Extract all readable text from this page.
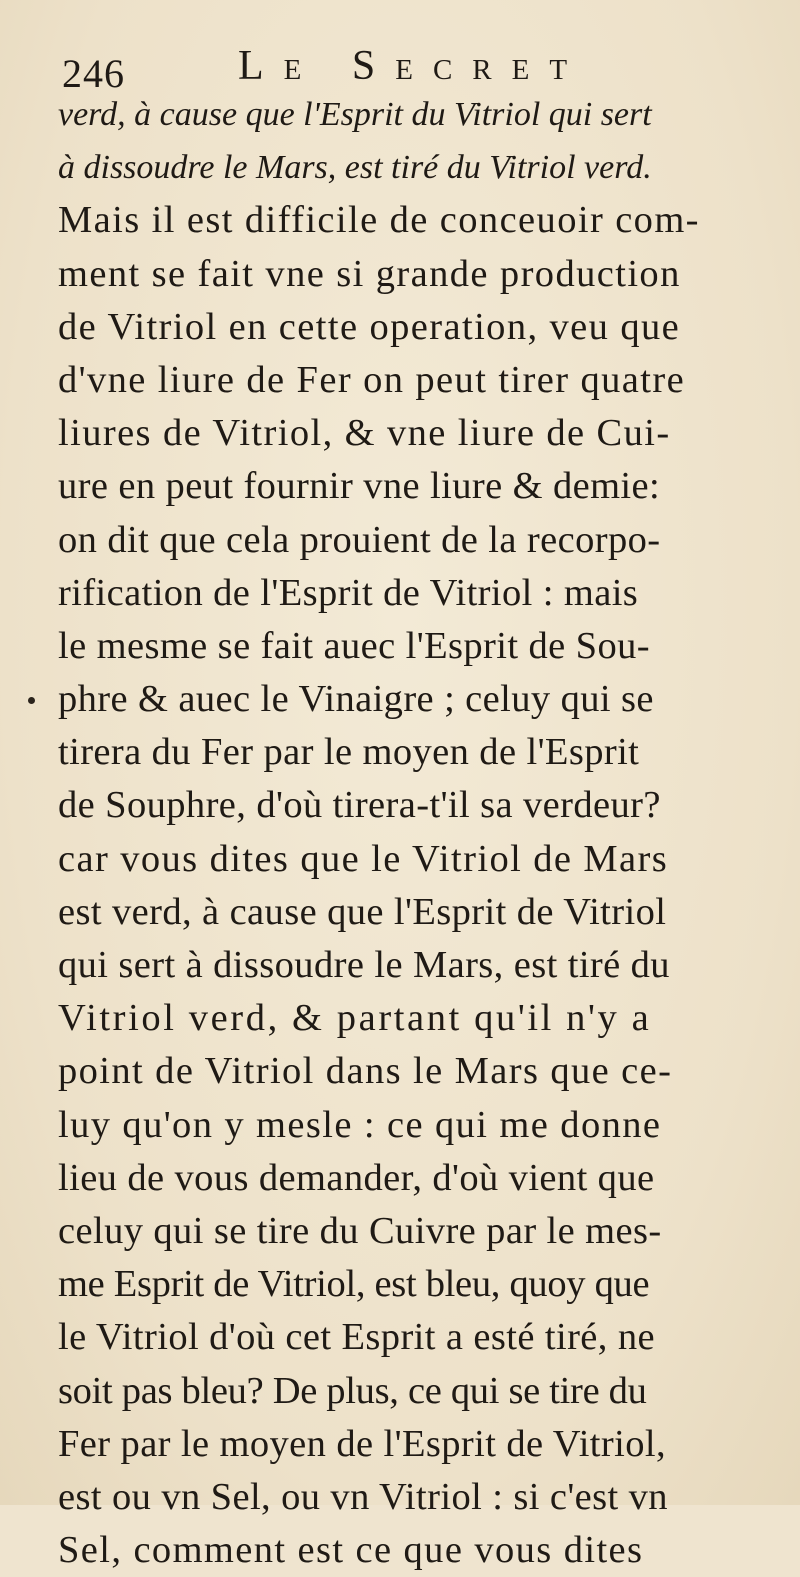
246	Le Secret
verd, à cause que l'Esprit du Vitriol qui sert
à dissoudre le Mars, est tiré du Vitriol verd.
Mais il est difficile de conceuoir com-
ment se fait vne si grande production
de Vitriol en cette operation, veu que
d'vne liure de Fer on peut tirer quatre
liures de Vitriol, & vne liure de Cui-
ure en peut fournir vne liure & demie:
on dit que cela prouient de la recorpo-
rification de l'Esprit de Vitriol : mais
le mesme se fait auec l'Esprit de Sou-
phre & auec le Vinaigre ; celuy qui se
tirera du Fer par le moyen de l'Esprit
de Souphre, d'où tirera-t'il sa verdeur?
car vous dites que le Vitriol de Mars
est verd, à cause que l'Esprit de Vitriol
qui sert à dissoudre le Mars, est tiré du
Vitriol verd, & partant qu'il n'y a
point de Vitriol dans le Mars que ce-
luy qu'on y mesle : ce qui me donne
lieu de vous demander, d'où vient que
celuy qui se tire du Cuivre par le mes-
me Esprit de Vitriol, est bleu, quoy que
le Vitriol d'où cet Esprit a esté tiré, ne
soit pas bleu? De plus, ce qui se tire du
Fer par le moyen de l'Esprit de Vitriol,
est ou vn Sel, ou vn Vitriol : si c'est vn
Sel, comment est ce que vous dites
